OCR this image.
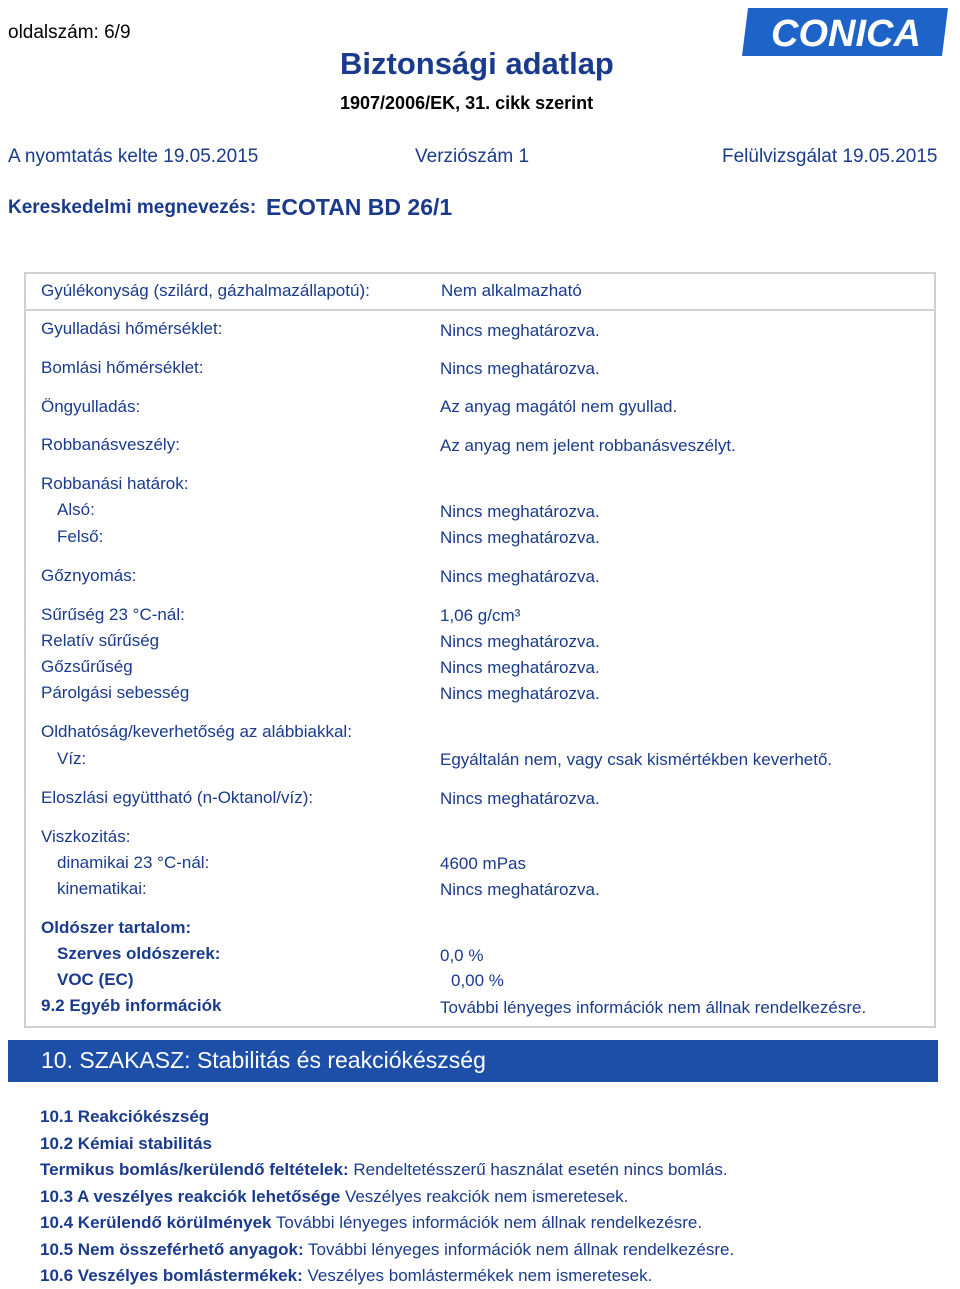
oldalszám: 6/9
Biztonsági adatlap
1907/2006/EK, 31. cikk szerint
CONICA
A nyomtatás kelte 19.05.2015	Verziószám 1	Felülvizsgálat 19.05.2015
Kereskedelmi megnevezés: ECOTAN BD 26/1
Gyúlékonyság (szilárd, gázhalmazállapotú):	Nem alkalmazható
Gyulladási hőmérséklet:	Nincs meghatározva.
Bomlási hőmérséklet:	Nincs meghatározva.
Öngyulladás:	Az anyag magától nem gyullad.
Robbanásveszély:	Az anyag nem jelent robbanásveszélyt.
Robbanási határok:
Alsó:	Nincs meghatározva.
Felső:	Nincs meghatározva.
Gőznyomás:	Nincs meghatározva.
Sűrűség 23 °C-nál:	1,06 g/cm³
Relatív sűrűség	Nincs meghatározva.
Gőzsűrűség	Nincs meghatározva.
Párolgási sebesség	Nincs meghatározva.
Oldhatóság/keverhetőség az alábbiakkal:
Víz:	Egyáltalán nem, vagy csak kismértékben keverhető.
Eloszlási együttható (n-Oktanol/víz):	Nincs meghatározva.
Viszkozitás:
dinamikai 23 °C-nál:	4600 mPas
kinematikai:	Nincs meghatározva.
Oldószer tartalom:
Szerves oldószerek:	0,0 %
VOC (EC)	0,00 %
9.2 Egyéb információk	További lényeges információk nem állnak rendelkezésre.
10. SZAKASZ: Stabilitás és reakciókészség
10.1 Reakciókészség
10.2 Kémiai stabilitás
Termikus bomlás/kerülendő feltételek: Rendeltetésszerű használat esetén nincs bomlás.
10.3 A veszélyes reakciók lehetősége Veszélyes reakciók nem ismeretesek.
10.4 Kerülendő körülmények További lényeges információk nem állnak rendelkezésre.
10.5 Nem összeférhető anyagok: További lényeges információk nem állnak rendelkezésre.
10.6 Veszélyes bomlástermékek: Veszélyes bomlástermékek nem ismeretesek.
